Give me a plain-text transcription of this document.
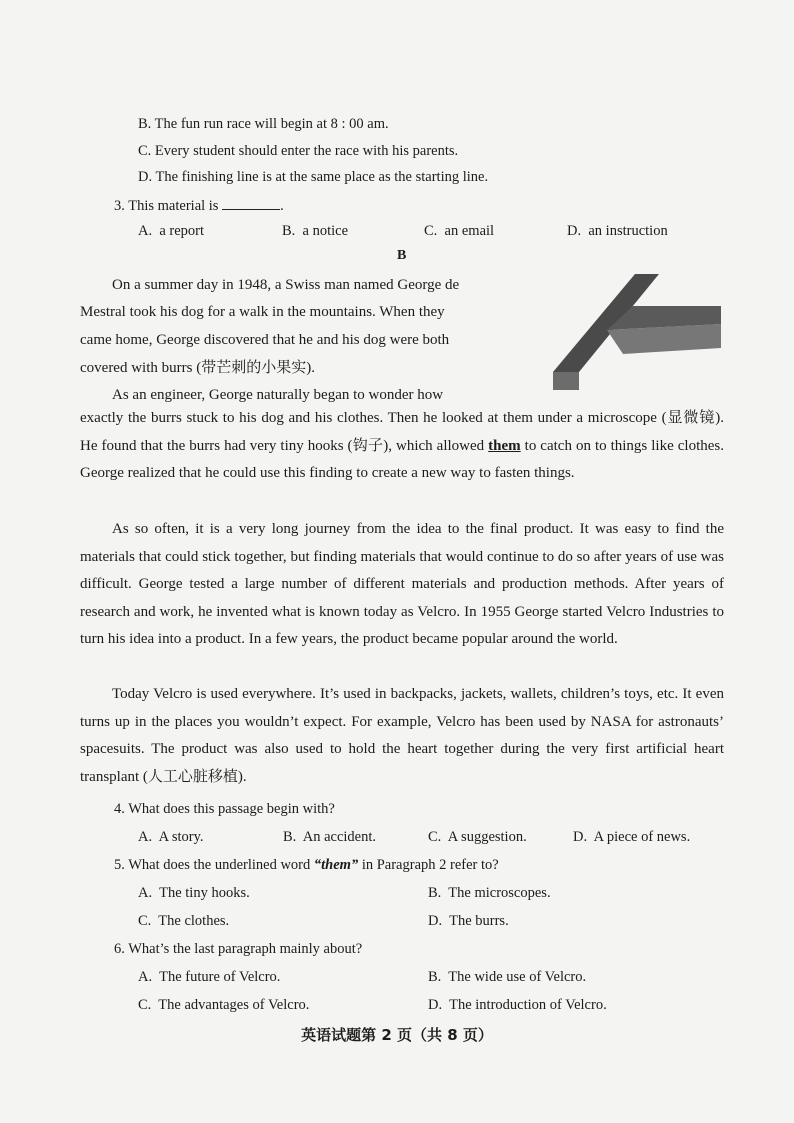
B. The fun run race will begin at 8 : 00 am.
C. Every student should enter the race with his parents.
D. The finishing line is at the same place as the starting line.
3. This material is	.
A. a report	B. a notice	C. an email	D. an instruction
B
On a summer day in 1948, a Swiss man named George de
Mestral took his dog for a walk in the mountains. When they
came home, George discovered that he and his dog were both
covered with burrs (带芒刺的小果实).
As an engineer, George naturally began to wonder how
exactly the burrs stuck to his dog and his clothes. Then he looked at them under a microscope (显微镜). He found that the burrs had very tiny hooks (钩子), which allowed them to catch on to things like clothes. George realized that he could use this finding to create a new way to fasten things.
As so often, it is a very long journey from the idea to the final product. It was easy to find the materials that could stick together, but finding materials that would continue to do so after years of use was difficult. George tested a large number of different materials and production methods. After years of research and work, he invented what is known today as Velcro. In 1955 George started Velcro Industries to turn his idea into a product. In a few years, the product became popular around the world.
Today Velcro is used everywhere. It’s used in backpacks, jackets, wallets, children’s toys, etc. It even turns up in the places you wouldn’t expect. For example, Velcro has been used by NASA for astronauts’ spacesuits. The product was also used to hold the heart together during the very first artificial heart transplant (人工心脏移植).
4. What does this passage begin with?
A. A story.	B. An accident.	C. A suggestion.	D. A piece of news.
5. What does the underlined word “them” in Paragraph 2 refer to?
A. The tiny hooks.	B. The microscopes.
C. The clothes.	D. The burrs.
6. What’s the last paragraph mainly about?
A. The future of Velcro.	B. The wide use of Velcro.
C. The advantages of Velcro.	D. The introduction of Velcro.
英语试题第 2 页（共 8 页）
